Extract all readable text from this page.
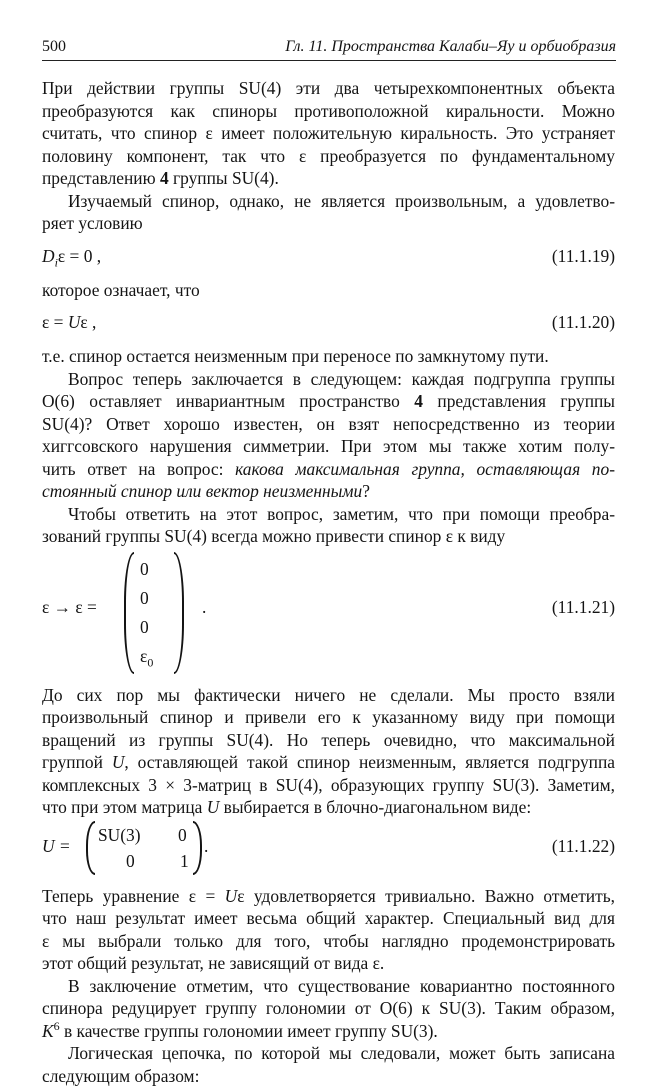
500	Гл. 11. Пространства Калаби–Яу и орбиобразия

При действии группы SU(4) эти два четырехкомпонентных объекта

преобразуются как спиноры противоположной киральности. Можно

считать, что спинор ε имеет положительную киральность. Это устраняет

половину компонент, так что ε преобразуется по фундаментальному

представлению 4 группы SU(4).

Изучаемый спинор, однако, не является произвольным, а удовлетво-

ряет условию

$D_i\varepsilon = 0$ ,	(11.1.19)

которое означает, что

ε = Uε ,	(11.1.20)

т.е. спинор остается неизменным при переносе по замкнутому пути.

Вопрос теперь заключается в следующем: каждая подгруппа группы

O(6) оставляет инвариантным пространство 4 представления группы

SU(4)? Ответ хорошо известен, он взят непосредственно из теории

хиггсовского нарушения симметрии. При этом мы также хотим полу-

чить ответ на вопрос: какова максимальная группа, оставляющая по-

стоянный спинор или вектор неизменными?

Чтобы ответить на этот вопрос, заметим, что при помощи преобра-

зований группы SU(4) всегда можно привести спинор ε к виду

ε → ε =
0
0
0
$\varepsilon_0$
.	(11.1.21)

До сих пор мы фактически ничего не сделали. Мы просто взяли

произвольный спинор и привели его к указанному виду при помощи

вращений из группы SU(4). Но теперь очевидно, что максимальной

группой U, оставляющей такой спинор неизменным, является подгруппа

комплексных 3 × 3-матриц в SU(4), образующих группу SU(3). Заметим,

что при этом матрица U выбирается в блочно-диагональном виде:

U =
SU(3) 0
0	1
.	(11.1.22)

Теперь уравнение ε = Uε удовлетворяется тривиально. Важно отметить,

что наш результат имеет весьма общий характер. Специальный вид для

ε мы выбрали только для того, чтобы наглядно продемонстрировать

этот общий результат, не зависящий от вида ε.

В заключение отметим, что существование ковариантно постоянного

спинора редуцирует группу голономии от O(6) к SU(3). Таким образом,

$K^6$ в качестве группы голономии имеет группу SU(3).

Логическая цепочка, по которой мы следовали, может быть записана

следующим образом:
